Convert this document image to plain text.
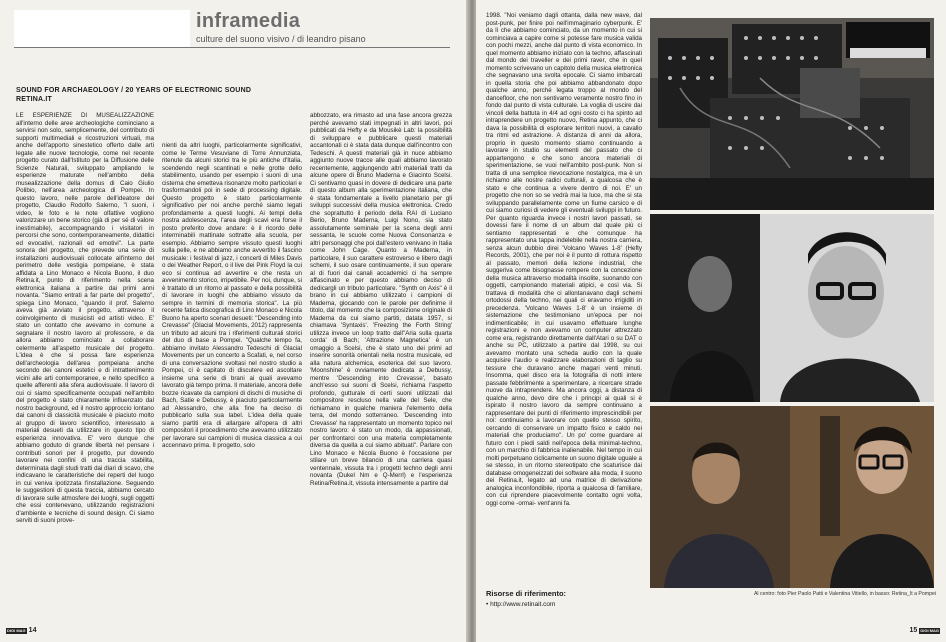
inframedia
culture del suono visivo / di leandro pisano
SOUND FOR ARCHAEOLOGY / 20 YEARS OF ELECTRONIC SOUND
RETINA.IT

LE ESPERIENZE DI MUSEALIZZAZIONE all'interno delle aree archeologiche cominciano a servirsi non solo, semplicemente, del contributo di supporti multimediali e ricostruzioni virtuali, ma anche dell'apporto sinestetico offerto dalle arti legate alle nuove tecnologie, come nel recente progetto curato dall'Istituto per la Diffusione delle Scienze Naturali, sviluppato ampliando le esperienze maturate nell'ambito della musealizzazione della domus di Caio Giulio Polibio, nell'area archeologica di Pompei. In questo lavoro, nelle parole dell'ideatore del progetto, Claudio Rodolfo Salerno, "i suoni, i video, le foto e le note olfattive vogliono valorizzare un bene storico (già di per sé di valore inestimabile), accompagnando i visitatori in percorsi che sono, contemporaneamente, didattici ed evocativi, razionali ed emotivi". La parte sonora del progetto, che prevede una serie di installazioni audiovisuali collocate all'interno del perimetro delle vestigia pompeiane, è stata affidata a Lino Monaco e Nicola Buono, il duo Retina.it, punto di riferimento nella scena elettronica italiana a partire dai primi anni novanta. "Siamo entrati a far parte del progetto", spiega Lino Monaco, "quando il prof. Salerno aveva già avviato il progetto, attraverso il coinvolgimento di musicisti ed artisti video. E' stato un contatto che avevamo in comune a segnalare il nostro lavoro al professore, e da allora abbiamo cominciato a collaborare celermente all'aspetto musicale del progetto. L'idea è che si possa fare esperienza dell'archeologia dell'area pompeiana anche secondo dei canoni estetici e di intrattenimento vicini alle arti contemporanee, e nello specifico a quelle afferenti alla sfera audiovisuale. Il lavoro di cui ci siamo specificamente occupati nell'ambito del progetto è stato chiaramente influenzato dal nostro background, ed il nostro approccio lontano dai canoni di classicità musicale è piaciuto molto al gruppo di lavoro scientifico, interessato a materiali desueti da utilizzare in questo tipo di esperienza innovativa. E' vero dunque che abbiamo goduto di grande libertà nel pensare i contributi sonori per il progetto, pur dovendo lavorare nei confini di una traccia stabilita, determinata dagli studi tratti dai diari di scavo, che indicavano le caratteristiche dei reperti del luogo in cui veniva ipotizzata l'installazione. Seguendo le suggestioni di questa traccia, abbiamo cercato di lavorare sulle atmosfere dei luoghi, sugli oggetti che essi contenevano, utilizzando registrazioni d'ambiente e tecniche di sound design. Ci siamo serviti di suoni prove-

nienti da altri luoghi, particolarmente significativi, come le Terme Vesuviane di Torre Annunziata, ritenute da alcuni storici tra le più antiche d'Italia, scendendo negli scantinati e nelle grotte dello stabilimento, usando per esempio i suoni di una cisterna che emetteva risonanze molto particolari e trasformandoli poi in sede di processing digitale. Questo progetto è stato particolarmente significativo per noi anche perché siamo legati profondamente a questi luoghi. Ai tempi della nostra adolescenza, l'area degli scavi era forse il posto preferito dove andare: è il ricordo delle interminabili mattinate sottratte alla scuola, per esempio. Abbiamo sempre vissuto questi luoghi sulla pelle, e ne abbiamo anche avvertito il fascino musicale: i festival di jazz, i concerti di Miles Davis o dei Weather Report, o il live dei Pink Floyd la cui eco si continua ad avvertire e che resta un avvenimento storico, irripetibile. Per noi, dunque, si è trattato di un ritorno al passato e della possibilità di lavorare in luoghi che abbiamo vissuto da sempre in termini di memoria storica". La più recente fatica discografica di Lino Monaco e Nicola Buono ha aperto scenari desueti: "Descending into Crevasse" (Glacial Movements, 2012) rappresenta un tributo ad alcuni tra i riferimenti culturali storici del duo di base a Pompei. "Qualche tempo fa, abbiamo invitato Alessandro Tedeschi di Glacial Movements per un concerto a Scafati, e, nel corso di una conversazione svoltasi nel nostro studio a Pompei, ci è capitato di discutere ed ascoltare insieme una serie di brani ai quali avevamo lavorato già tempo prima. Il materiale, ancora delle bozze ricavate da campioni di dischi di musiche di Bach, Satie e Debussy, è piaciuto particolarmente ad Alessandro, che alla fine ha deciso di pubblicarlo sulla sua label. L'idea della quale siamo partiti era di allargare all'opera di altri compositori il procedimento che avevamo utilizzato per lavorare sui campioni di musica classica a cui accennavo prima. Il progetto, solo

abbozzato, era rimasto ad una fase ancora grezza perché avevamo stati impegnati in altri lavori, poi pubblicati da Hefty e da Mousikè Lab: la possibilità di sviluppare e pubblicare questi materiali accantonati ci è stata data dunque dall'incontro con Tedeschi. A questi materiali già in nuce abbiamo aggiunto nuove tracce alle quali abbiamo lavorato recentemente, aggiungendo altri materiali tratti da alcune opere di Bruno Maderna e Giacinto Scelsi. Ci sentivamo quasi in dovere di dedicare una parte di questo album alla sperimentazione italiana, che è stata fondamentale a livello planetario per gli sviluppi successivi della musica elettronica. Credo che soprattutto il periodo della RAI di Luciano Berio, Bruno Maderna, Luigi Nono, sia stato assolutamente seminale per la scena degli anni sessanta, le scuole come Nuova Consonanza e altri personaggi che poi dall'estero venivano in Italia come John Cage. Quanto a Maderna, in particolare, il suo carattere estroverso e libero dagli schemi, il suo osare continuamente, il suo operare al di fuori dai canali accademici ci ha sempre affascinato e per questo abbiamo deciso di dedicargli un tributo particolare. "Synth on Axis" è il brano in cui abbiamo utilizzato i campioni di Maderna, giocando con le parole per definirne il titolo, dal momento che la composizione originale di Maderna da cui siamo partiti, datata 1957, si chiamava 'Syntaxis'. 'Freezing the Forth String' utilizza invece un loop tratto dall''Aria sulla quarta corda' di Bach; 'Attrazione Magnetica' è un omaggio a Scelsi, che è stato uno dei primi ad inserire sonorità orientali nella nostra musicale, ed alla natura alchemica, esoterica del suo lavoro. 'Moonshine' è ovviamente dedicata a Debussy, mentre 'Descending into Crevasse', basato anch'esso sui suoni di Scelsi, richiama l'aspetto profondo, gutturale di certi suoni utilizzati dal compositore rescluso nella valle del Sele, che richiamano in qualche maniera l'elemento della terra, del mondo sotterraneo. 'Descending into Crevasse' ha rappresentato un momento topico nel nostro lavoro: è stato un modo, da appassionati, per confrontarci con una materia completamente diversa da quella a cui siamo abituati". Parlare con Lino Monaco e Nicola Buono è l'occasione per stilare un breve bilancio di una carriera quasi ventennale, vissuta tra i progetti techno degli anni novanta (Dukel Nm e Q-Merrl) e l'esperienza Retina/Retina.it, vissuta intensamente a partire dal

DIGI MAG 14

1998. "Noi veniamo dagli ottanta, dalla new wave, dal post-punk, per finire poi nell'immaginario cyberpunk. E' da lì che abbiamo cominciato, da un momento in cui si cominciava a capire come si potesse fare musica valida con pochi mezzi, anche dal punto di vista economico. In quel momento abbiamo iniziato con la techno, affascinati dal mondo dei traveller e dei primi raver, che in quel momento scrivevano un capitolo della musica elettronica che segnavano una svolta epocale. Ci siamo imbarcati in quella storia che poi abbiamo abbandonato dopo qualche anno, perché legata troppo al mondo del dancefloor, che non sentivamo veramente nostro fino in fondo dal punto di vista culturale. La voglia di uscire dai vincoli della battuta in 4/4 ad ogni costo ci ha spinto ad intraprendere un progetto nuovo, Retina appunto, che ci dava la possibilità di esplorare territori nuovi, a cavallo tra ritmi ed astrazione. A distanza di anni da allora, proprio in questo momento stiamo continuando a lavorare in studio su elementi del passato che ci appartengono e che sono ancora materiali di sperimentazione, se vuoi nell'ambito post-punk. Non si tratta di una semplice rievocazione nostalgica, ma è un richiamo alle nostre radici culturali, a qualcosa che è stato e che continua a vivere dentro di noi. E' un progetto che non so se vedrà mai la luce, ma che si sta sviluppando parallelamente come un fiume carsico e di cui siamo curiosi di vedere gli eventuali sviluppi in futuro. Per quanto riguarda invece i nostri lavori passati, se dovessi fare il nome di un album dal quale più ci sentiamo rappresentati e che comunque ha rappresentato una tappa indelebile nella nostra carriera, senza alcun dubbio direi 'Volcano Waves 1-8' (Hefty Records, 2001), che per noi è il punto di rottura rispetto al passato, memori della lezione industrial, che suggeriva come bisognasse rompere con la concezione della musica attraverso modalità insolite, suonando con oggetti, campionando materiali atipici, e così via. Si trattava di modalità che ci allontanavano dagli schemi ortodossi della techno, nei quali ci eravamo irrigiditi in precedenza. 'Volcano Waves 1-8' è un insieme di sistemazione che testimoniano un'epoca per noi indimenticabile; in cui usavamo effettuare lunghe registrazioni e non avevamo un computer attrezzato come era, registrando direttamente dall'Atari o su DAT o anche su PC, utilizzato a partire dal 1998, su cui avevamo montato una scheda audio con la quale acquisire l'audio e realizzare elaborazioni di taglio su tessure che duravano anche magari venti minuti. Insomma, quel disco era la fotografia di notti intere passate febbrilmente a sperimentare, a ricercare strade nuove da intraprendere. Ma ancora oggi, a distanza di qualche anno, devo dire che i principi ai quali si è ispirato il nostro lavoro da sempre continuano a rappresentare dei punti di riferimento imprescindibili per noi: continuiamo a lavorare con quello stesso spirito, cercando di conservare un impatto fisico e caldo nei materiali che produciamo". Un po' come guardare al futuro con i piedi saldi nell'epoca della minimal-techno, con un marchio di fabbrica inalienabile. Nel tempo in cui molti perpetuano ciclicamente un suono digitale uguale a se stesso, in un ritorno stereotipato che scaturisce dai database omogeneizzati dei software alla moda, il suono dei Retina.it, legato ad una matrice di derivazione analogica inconfondibile, riporta a qualcosa di familiare, con cui riprendere piacevolmente contatto ogni volta, oggi come -ormai- vent'anni fa.

Risorse di riferimento:
• http://www.retinait.com
Al centro: foto Pier Paolo Patti e Valentina Vitiello, in basso: Retina_It a Pompei
15 DIGI MAG
